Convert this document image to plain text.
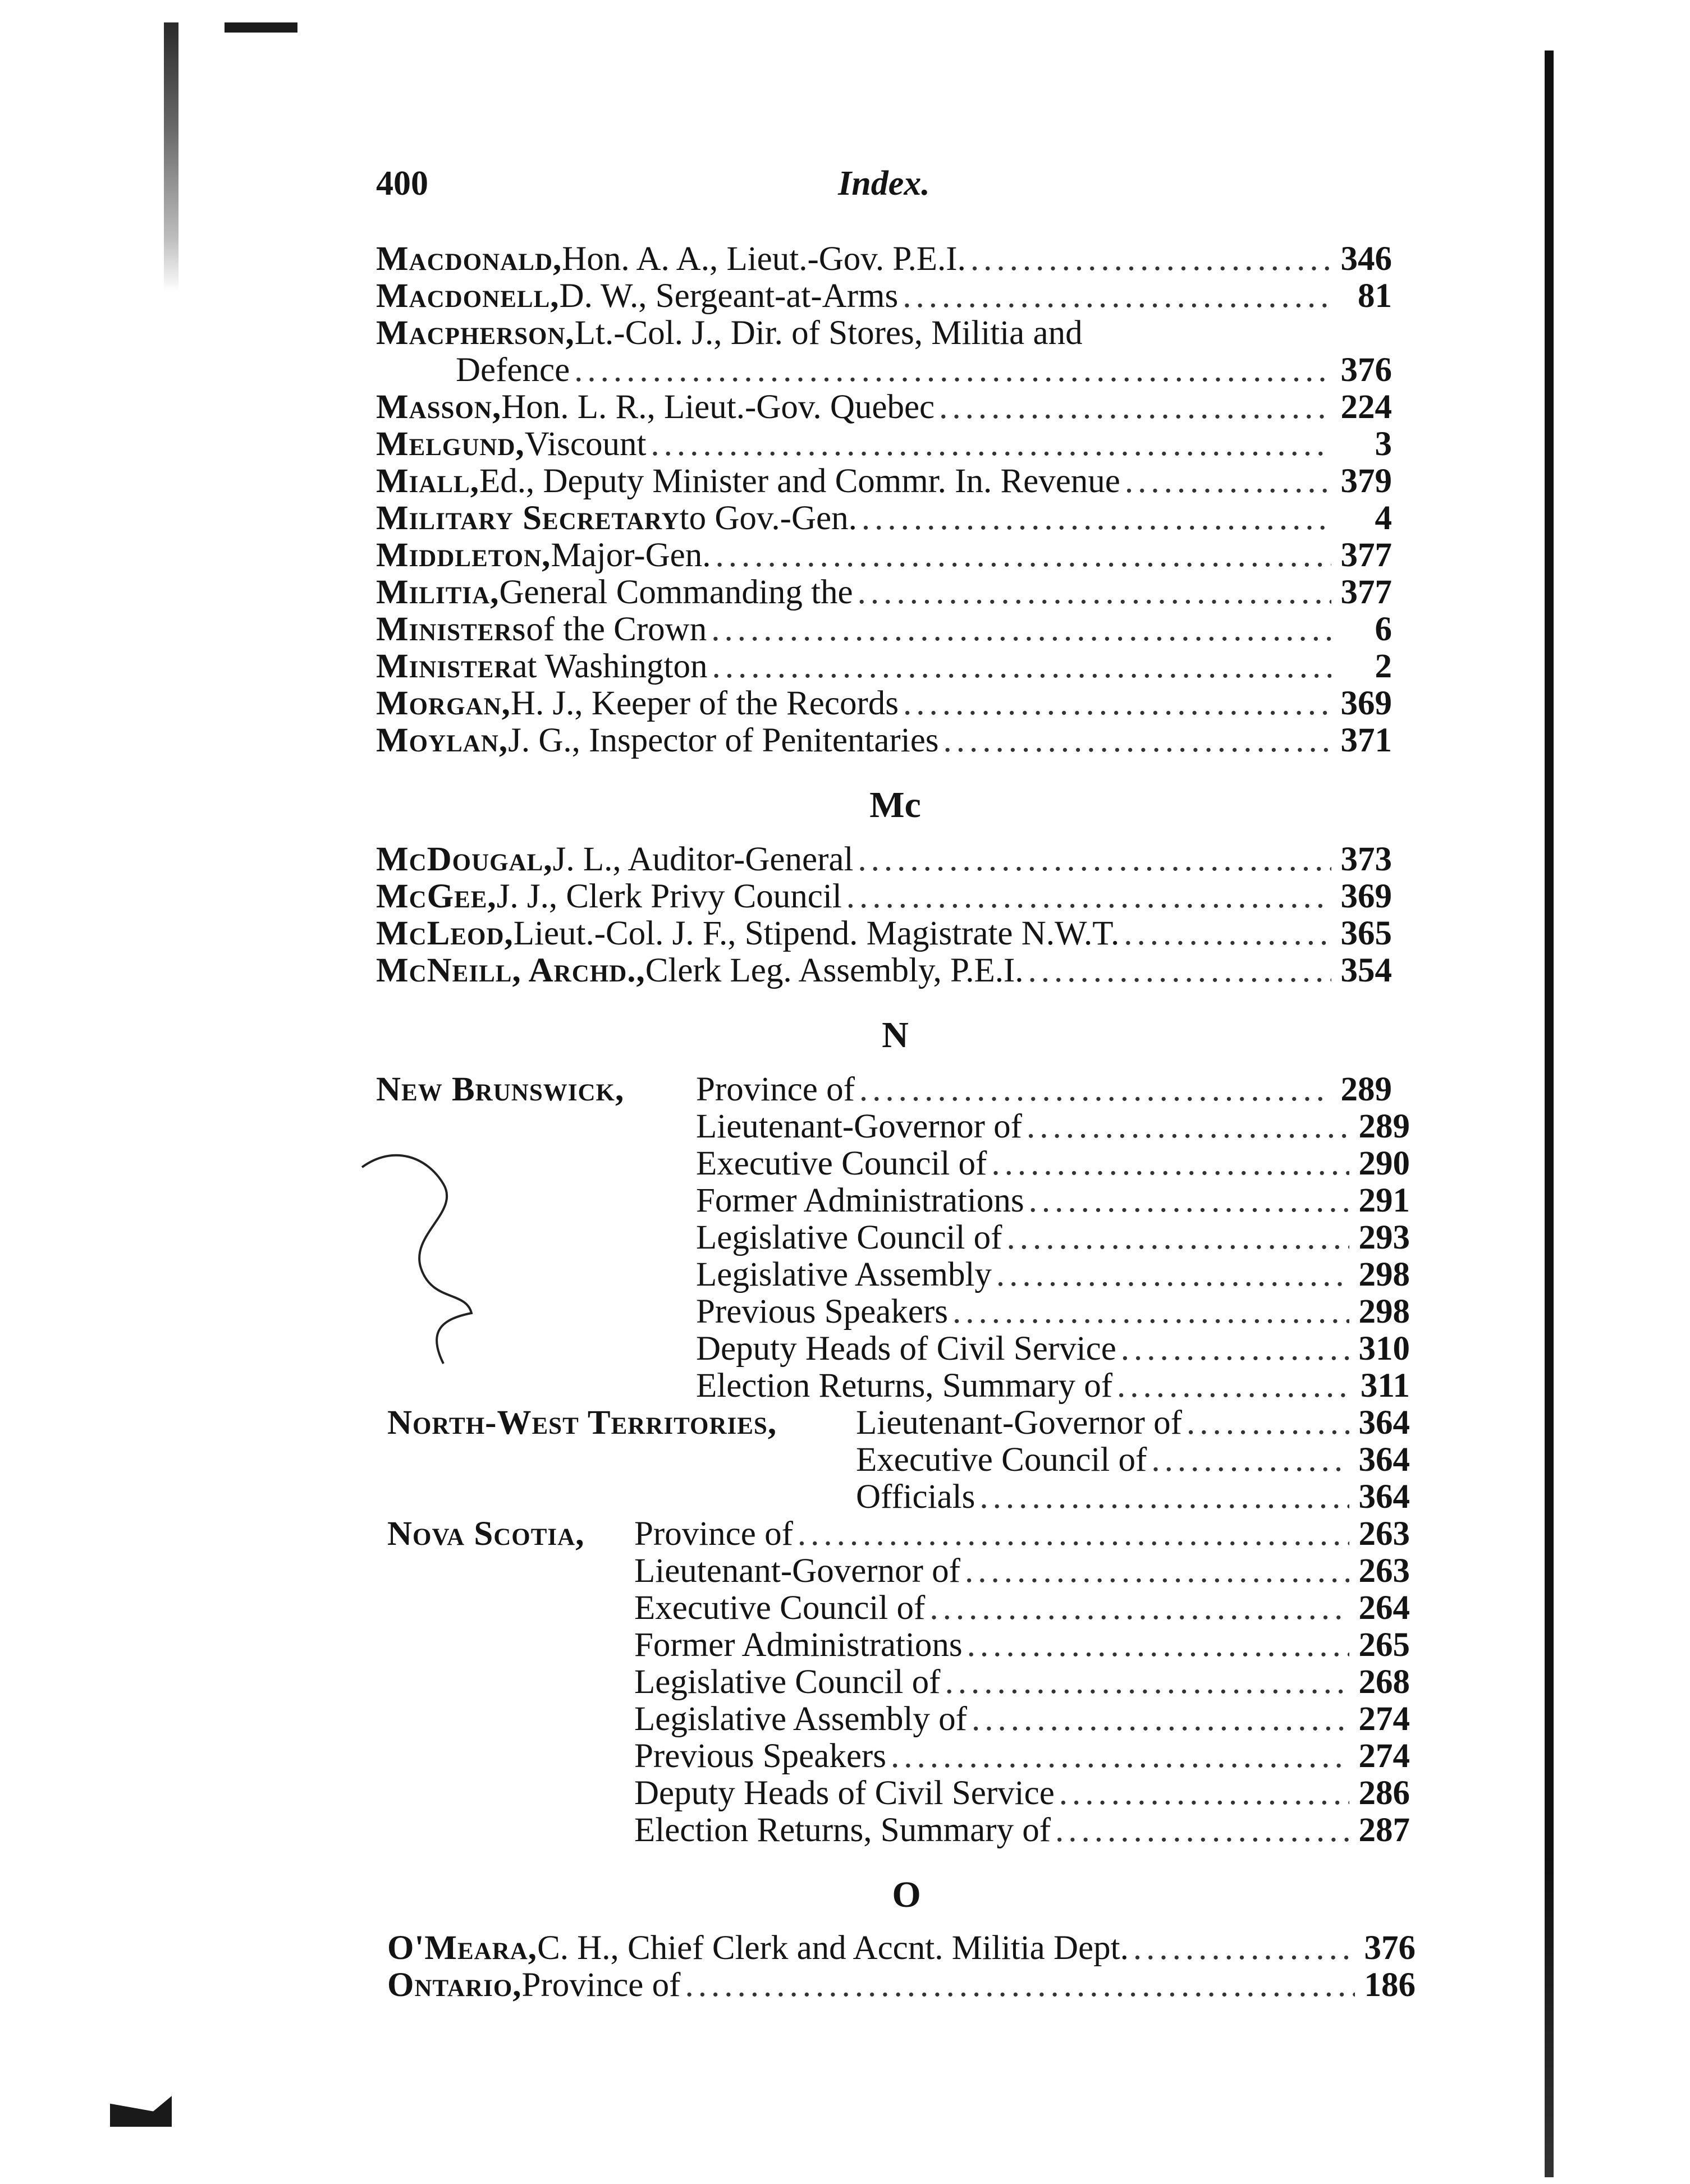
400	Index.
Macdonald, Hon. A. A., Lieut.-Gov. P.E.I. .....	346
Macdonell, D. W., Sergeant-at-Arms .....	81
Macpherson, Lt.-Col. J., Dir. of Stores, Militia and
Defence .....	376
Masson, Hon. L. R., Lieut.-Gov. Quebec .....	224
Melgund, Viscount .....	3
Miall, Ed., Deputy Minister and Commr. In. Revenue .....	379
Military Secretary to Gov.-Gen. .....	4
Middleton, Major-Gen. .....	377
Militia, General Commanding the .....	377
Ministers of the Crown .....	6
Minister at Washington .....	2
Morgan, H. J., Keeper of the Records .....	369
Moylan, J. G., Inspector of Penitentaries .....	371
Mc
McDougal, J. L., Auditor-General .....	373
McGee, J. J., Clerk Privy Council .....	369
McLeod, Lieut.-Col. J. F., Stipend. Magistrate N.W.T. .....	365
McNeill, Archd., Clerk Leg. Assembly, P.E.I. .....	354
N
New Brunswick,	Province of .....	289
Lieutenant-Governor of .....	289
Executive Council of .....	290
Former Administrations .....	291
Legislative Council of .....	293
Legislative Assembly .....	298
Previous Speakers .....	298
Deputy Heads of Civil Service .....	310
Election Returns, Summary of .....	311
North-West Territories,	Lieutenant-Governor of .....	364
Executive Council of .....	364
Officials .....	364
Nova Scotia,	Province of .....	263
Lieutenant-Governor of .....	263
Executive Council of .....	264
Former Administrations .....	265
Legislative Council of .....	268
Legislative Assembly of .....	274
Previous Speakers .....	274
Deputy Heads of Civil Service .....	286
Election Returns, Summary of .....	287
O
O'Meara, C. H., Chief Clerk and Accnt. Militia Dept. .....	376
Ontario, Province of .....	186
